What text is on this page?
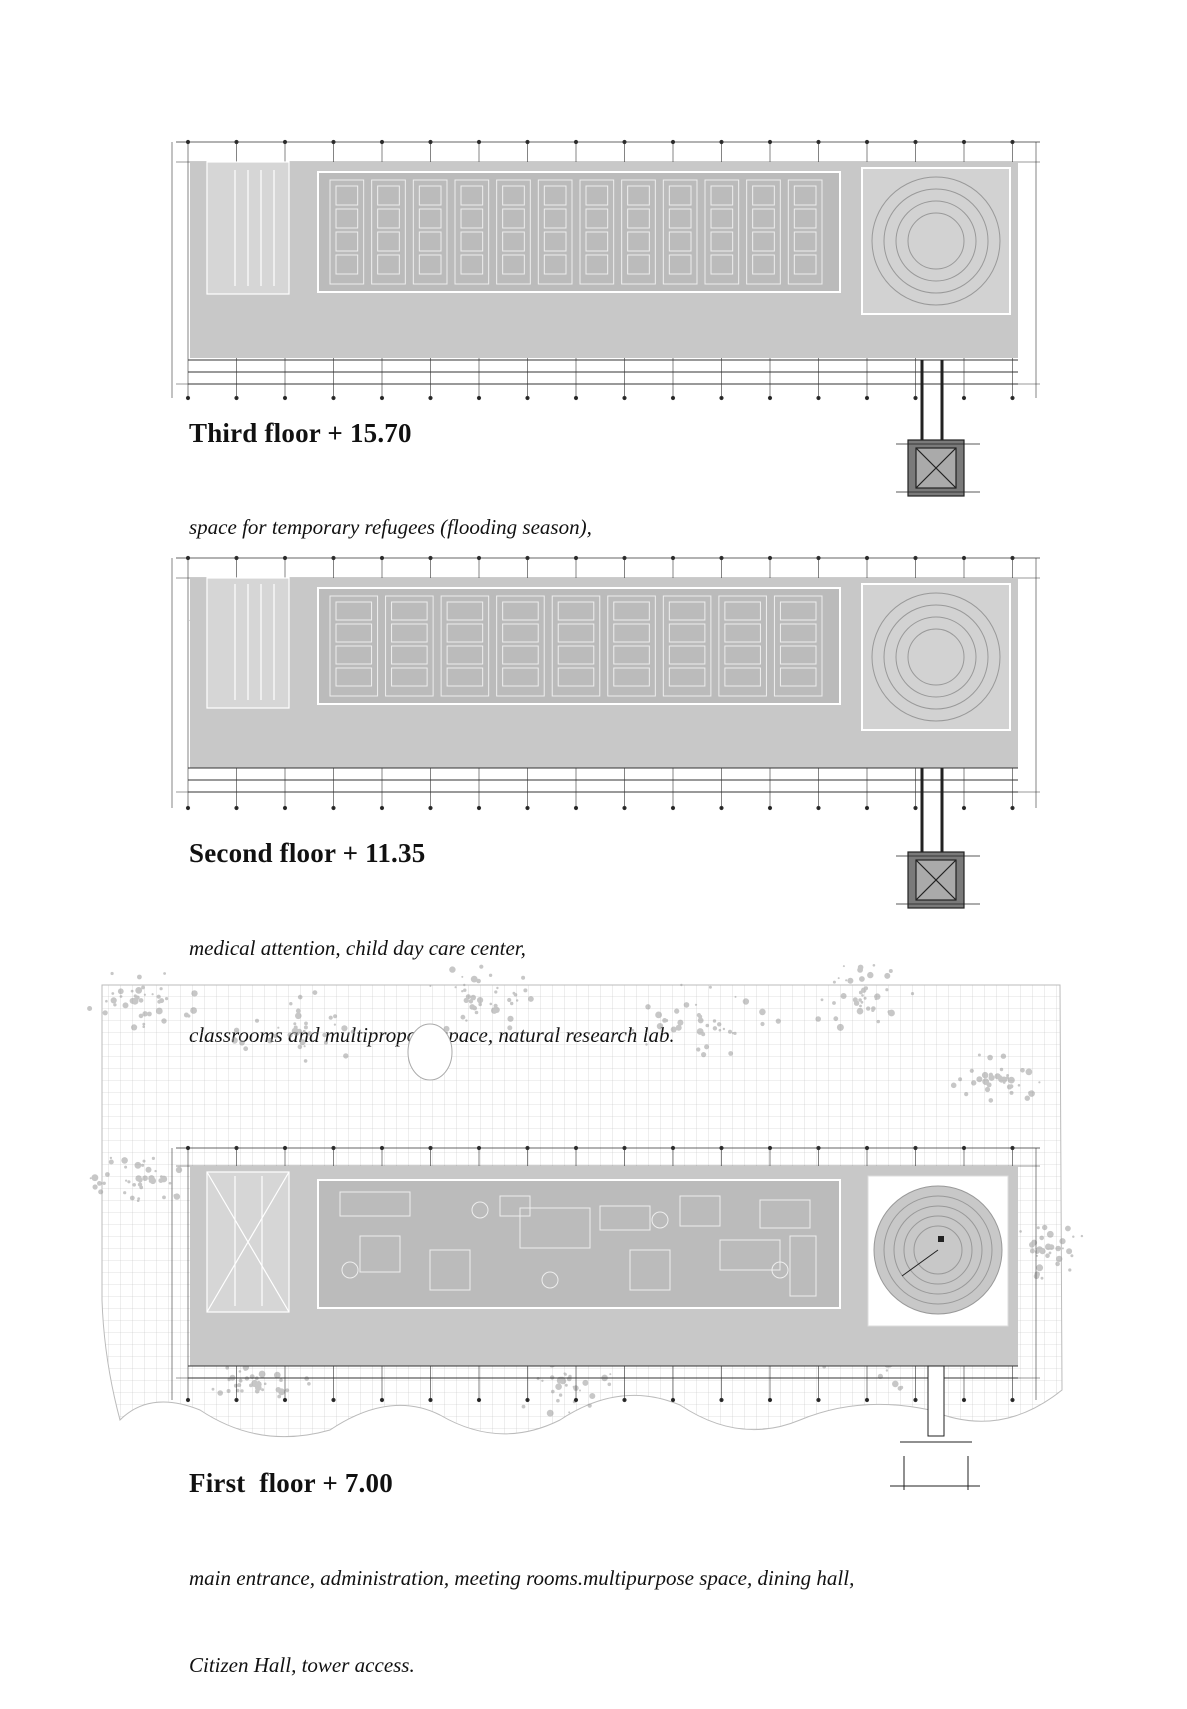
Third floor + 15.70

space for temporary refugees (flooding season),

Second floor + 11.35

medical attention, child day care center,

First  floor + 7.00

main entrance, administration, meeting rooms.multipurpose space, dining hall,

Citizen Hall, tower access.
